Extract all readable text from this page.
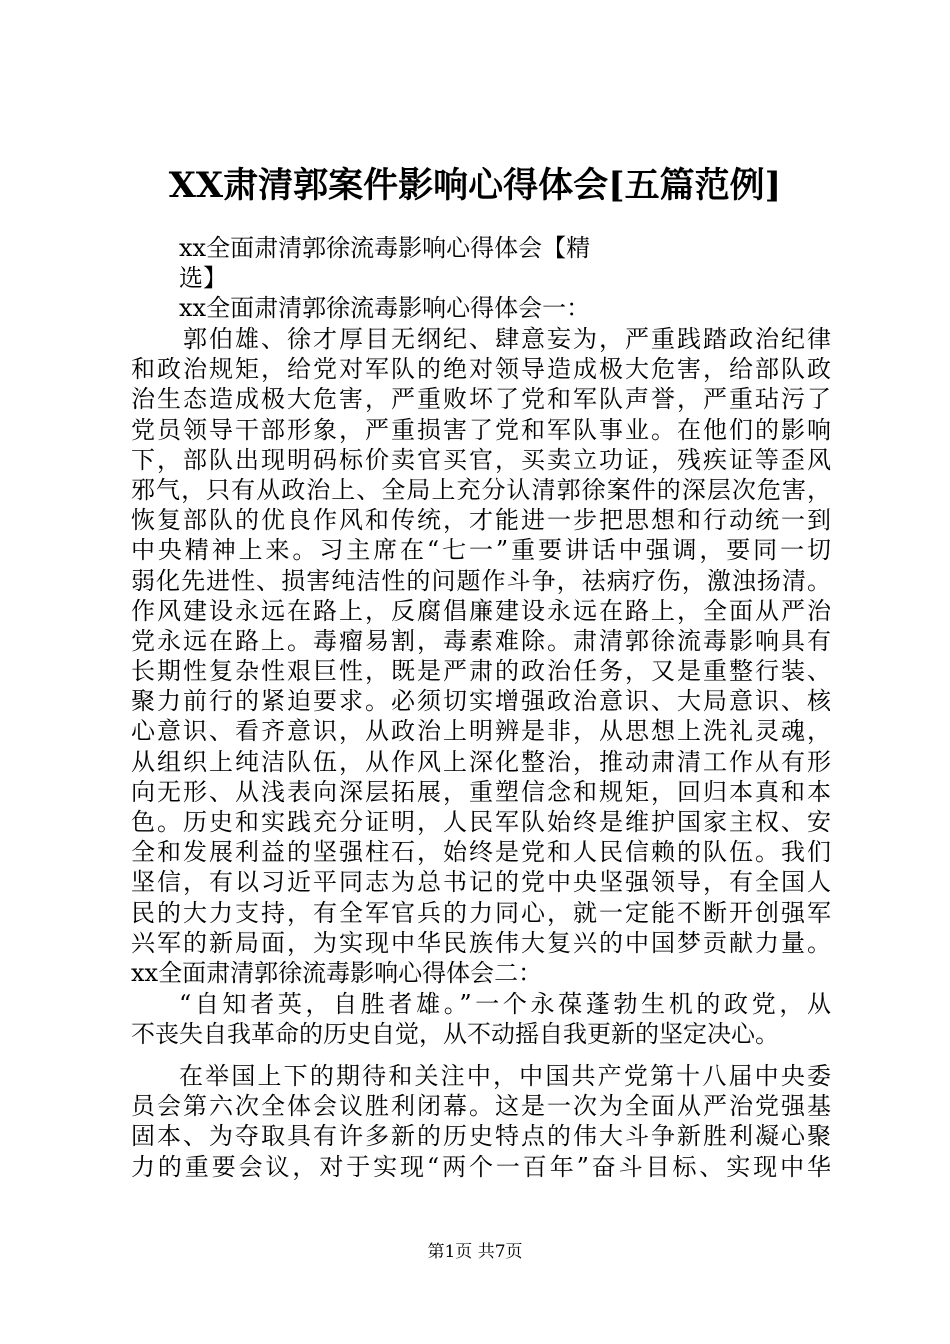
XX肃清郭案件影响心得体会[五篇范例]
xx全面肃清郭徐流毒影响心得体会【精
选】
xx全面肃清郭徐流毒影响心得体会一：
　　郭伯雄、徐才厚目无纲纪、肆意妄为，严重践踏政治纪律
和政治规矩，给党对军队的绝对领导造成极大危害，给部队政
治生态造成极大危害，严重败坏了党和军队声誉，严重玷污了
党员领导干部形象，严重损害了党和军队事业。在他们的影响
下，部队出现明码标价卖官买官，买卖立功证，残疾证等歪风
邪气，只有从政治上、全局上充分认清郭徐案件的深层次危害，
恢复部队的优良作风和传统，才能进一步把思想和行动统一到
中央精神上来。习主席在“七一”重要讲话中强调，要同一切
弱化先进性、损害纯洁性的问题作斗争，祛病疗伤，激浊扬清。
作风建设永远在路上，反腐倡廉建设永远在路上，全面从严治
党永远在路上。毒瘤易割，毒素难除。肃清郭徐流毒影响具有
长期性复杂性艰巨性，既是严肃的政治任务，又是重整行装、
聚力前行的紧迫要求。必须切实增强政治意识、大局意识、核
心意识、看齐意识，从政治上明辨是非，从思想上洗礼灵魂，
从组织上纯洁队伍，从作风上深化整治，推动肃清工作从有形
向无形、从浅表向深层拓展，重塑信念和规矩，回归本真和本
色。历史和实践充分证明，人民军队始终是维护国家主权、安
全和发展利益的坚强柱石，始终是党和人民信赖的队伍。我们
坚信，有以习近平同志为总书记的党中央坚强领导，有全国人
民的大力支持，有全军官兵的力同心，就一定能不断开创强军
兴军的新局面，为实现中华民族伟大复兴的中国梦贡献力量。
xx全面肃清郭徐流毒影响心得体会二：
“自知者英，自胜者雄。”一个永葆蓬勃生机的政党，从
不丧失自我革命的历史自觉，从不动摇自我更新的坚定决心。
在举国上下的期待和关注中，中国共产党第十八届中央委
员会第六次全体会议胜利闭幕。这是一次为全面从严治党强基
固本、为夺取具有许多新的历史特点的伟大斗争新胜利凝心聚
力的重要会议，对于实现“两个一百年”奋斗目标、实现中华
第1页 共7页
